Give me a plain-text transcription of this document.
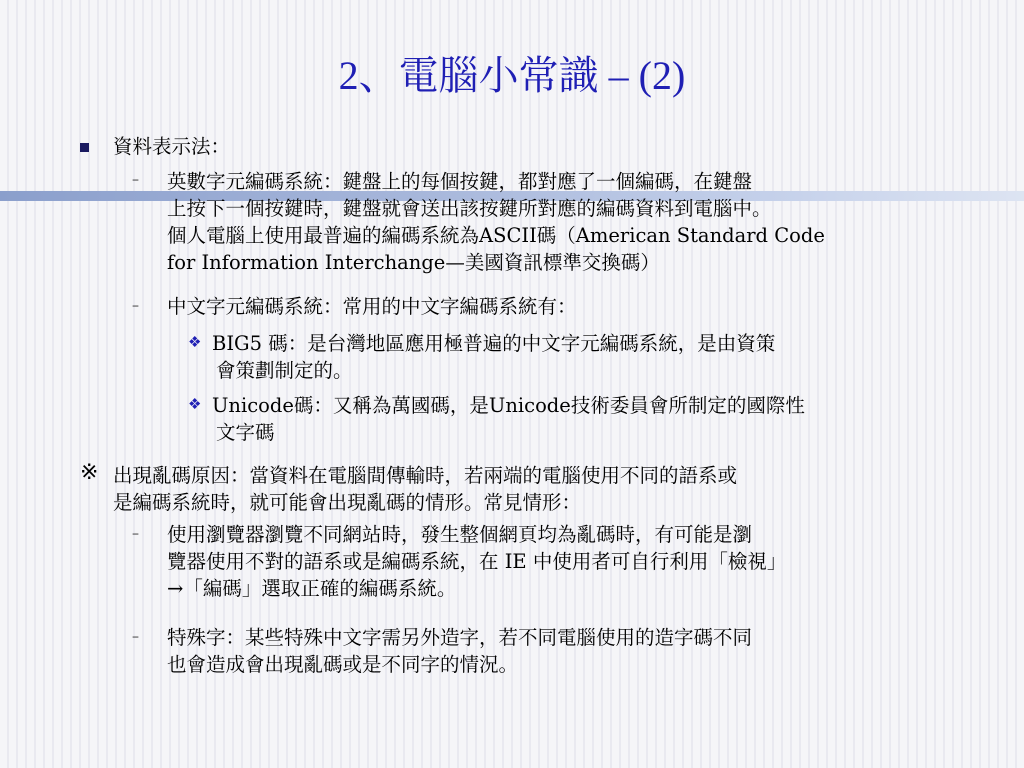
2、電腦小常識 – (2)
資料表示法：
– 英數字元編碼系統：鍵盤上的每個按鍵，都對應了一個編碼，在鍵盤
上按下一個按鍵時，鍵盤就會送出該按鍵所對應的編碼資料到電腦中。
個人電腦上使用最普遍的編碼系統為ASCII碼（American Standard Code
for Information Interchange—美國資訊標準交換碼）
– 中文字元編碼系統：常用的中文字編碼系統有：
❖ BIG5 碼：是台灣地區應用極普遍的中文字元編碼系統，是由資策
會策劃制定的。
❖ Unicode碼：又稱為萬國碼，是Unicode技術委員會所制定的國際性
文字碼
※ 出現亂碼原因：當資料在電腦間傳輸時，若兩端的電腦使用不同的語系或
是編碼系統時，就可能會出現亂碼的情形。常見情形：
– 使用瀏覽器瀏覽不同網站時，發生整個網頁均為亂碼時，有可能是瀏
覽器使用不對的語系或是編碼系統，在 IE 中使用者可自行利用「檢視」
→「編碼」選取正確的編碼系統。
– 特殊字：某些特殊中文字需另外造字，若不同電腦使用的造字碼不同
也會造成會出現亂碼或是不同字的情況。
